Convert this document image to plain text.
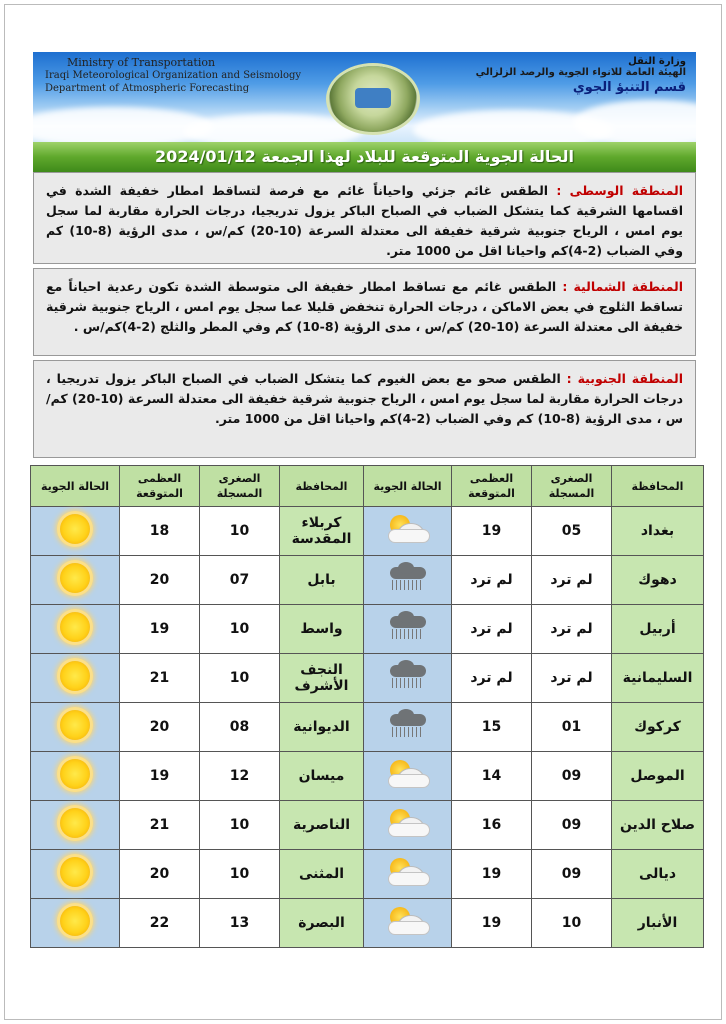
Ministry of Transportation
Iraqi Meteorological Organization and Seismology
Department of Atmospheric Forecasting
وزارة النقل
الهيئة العامة للانواء الجوية والرصد الزلزالي
قسم التنبؤ الجوي
الحالة الجوية المتوقعة للبلاد لهذا الجمعة 2024/01/12
المنطقة الوسطى : الطقس غائم جزئي واحياناً غائم مع فرصة لتساقط امطار خفيفة الشدة في اقسامها الشرقية كما يتشكل الضباب في الصباح الباكر يزول تدريجيا، درجات الحرارة مقاربة لما سجل يوم امس ، الرياح جنوبية شرقية خفيفة الى معتدلة السرعة (10-20) كم/س ، مدى الرؤية (8-10) كم وفي الضباب (2-4)كم واحيانا اقل من 1000 متر.
المنطقة الشمالية : الطقس غائم مع تساقط امطار خفيفة الى متوسطة الشدة تكون رعدية احياناً مع تساقط الثلوج في بعض الاماكن ، درجات الحرارة تنخفض قليلا عما سجل يوم امس ، الرياح جنوبية شرقية خفيفة الى معتدلة السرعة (10-20) كم/س ، مدى الرؤية (8-10) كم وفي المطر والثلج (2-4)كم/س .
المنطقة الجنوبية : الطقس صحو مع بعض الغيوم كما يتشكل الضباب في الصباح الباكر يزول تدريجيا ، درجات الحرارة مقاربة لما سجل يوم امس ، الرياح جنوبية شرقية خفيفة الى معتدلة السرعة (10-20) كم/س ، مدى الرؤية (8-10) كم وفي الضباب (2-4)كم واحيانا اقل من 1000 متر.
المحافظة	الصغرى المسجلة	العظمى المتوقعة	الحالة الجوية	المحافظة	الصغرى المسجلة	العظمى المتوقعة	الحالة الجوية
بغداد	05	19		كربلاء المقدسة	10	18	
دهوك	لم ترد	لم ترد		بابل	07	20	
أربيل	لم ترد	لم ترد		واسط	10	19	
السليمانية	لم ترد	لم ترد		النجف الأشرف	10	21	
كركوك	01	15		الديوانية	08	20	
الموصل	09	14		ميسان	12	19	
صلاح الدين	09	16		الناصرية	10	21	
ديالى	09	19		المثنى	10	20	
الأنبار	10	19		البصرة	13	22	
